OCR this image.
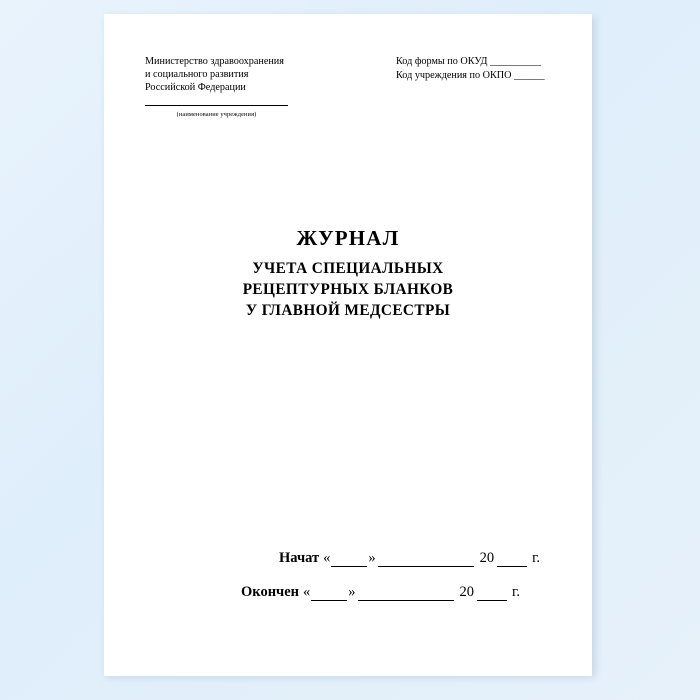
Министерство здравоохранения
и социального развития
Российской Федерации
(наименование учреждения)
Код формы по ОКУД __________
Код учреждения по ОКПО ______
ЖУРНАЛ
УЧЕТА СПЕЦИАЛЬНЫХ
РЕЦЕПТУРНЫХ БЛАНКОВ
У ГЛАВНОЙ МЕДСЕСТРЫ
Начат «	»	20	г.
Окончен «	»	20	г.
